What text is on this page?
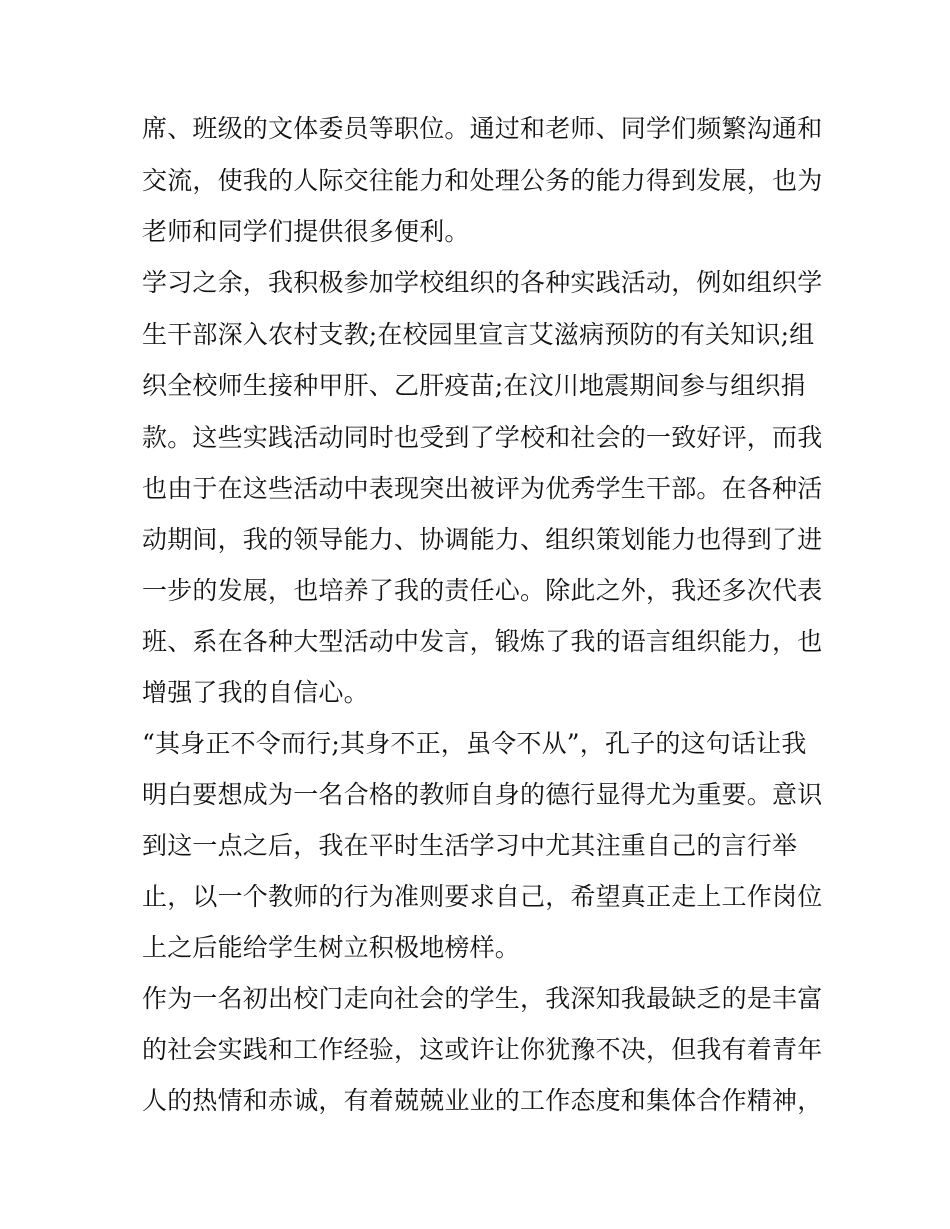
席、班级的文体委员等职位。通过和老师、同学们频繁沟通和
交流，使我的人际交往能力和处理公务的能力得到发展，也为
老师和同学们提供很多便利。
学习之余，我积极参加学校组织的各种实践活动，例如组织学
生干部深入农村支教;在校园里宣言艾滋病预防的有关知识;组
织全校师生接种甲肝、乙肝疫苗;在汶川地震期间参与组织捐
款。这些实践活动同时也受到了学校和社会的一致好评，而我
也由于在这些活动中表现突出被评为优秀学生干部。在各种活
动期间，我的领导能力、协调能力、组织策划能力也得到了进
一步的发展，也培养了我的责任心。除此之外，我还多次代表
班、系在各种大型活动中发言，锻炼了我的语言组织能力，也
增强了我的自信心。
“其身正不令而行;其身不正，虽令不从”，孔子的这句话让我
明白要想成为一名合格的教师自身的德行显得尤为重要。意识
到这一点之后，我在平时生活学习中尤其注重自己的言行举
止，以一个教师的行为准则要求自己，希望真正走上工作岗位
上之后能给学生树立积极地榜样。
作为一名初出校门走向社会的学生，我深知我最缺乏的是丰富
的社会实践和工作经验，这或许让你犹豫不决，但我有着青年
人的热情和赤诚，有着兢兢业业的工作态度和集体合作精神，
